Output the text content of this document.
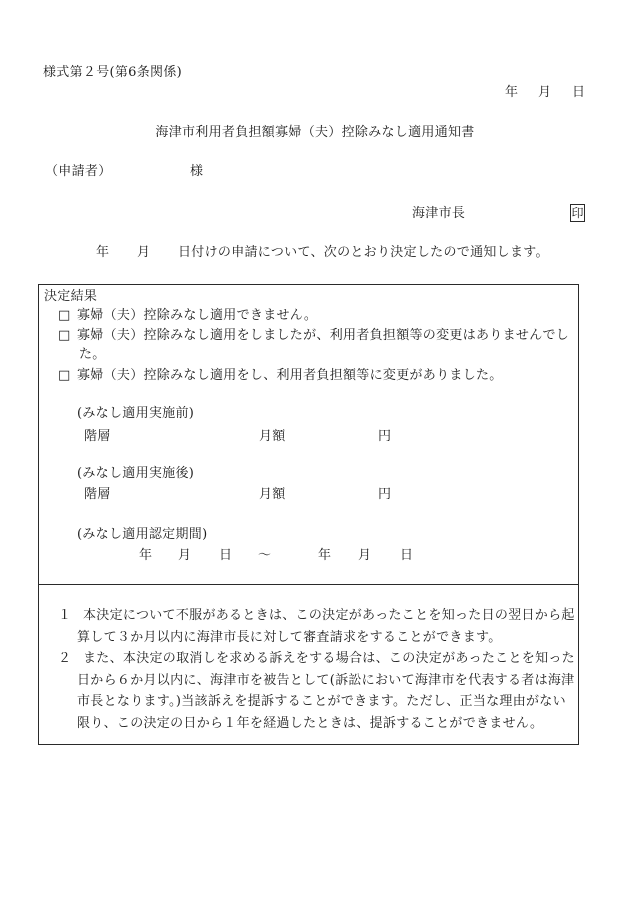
様式第２号(第6条関係)
年 月 日
海津市利用者負担額寡婦（夫）控除みなし適用通知書
（申請者）	様
海津市長	印
年 月 日付けの申請について、次のとおり決定したので通知します。
決定結果
□ 寡婦（夫）控除みなし適用できません。
□ 寡婦（夫）控除みなし適用をしましたが、利用者負担額等の変更はありませんでし
た。
□ 寡婦（夫）控除みなし適用をし、利用者負担額等に変更がありました。
(みなし適用実施前)
階層	月額	円
(みなし適用実施後)
階層	月額	円
(みなし適用認定期間)
年 月 日 ～	年 月 日
１ 本決定について不服があるときは、この決定があったことを知った日の翌日から起
算して３か月以内に海津市長に対して審査請求をすることができます。
２ また、本決定の取消しを求める訴えをする場合は、この決定があったことを知った
日から６か月以内に、海津市を被告として(訴訟において海津市を代表する者は海津
市長となります。)当該訴えを提訴することができます。ただし、正当な理由がない
限り、この決定の日から１年を経過したときは、提訴することができません。
